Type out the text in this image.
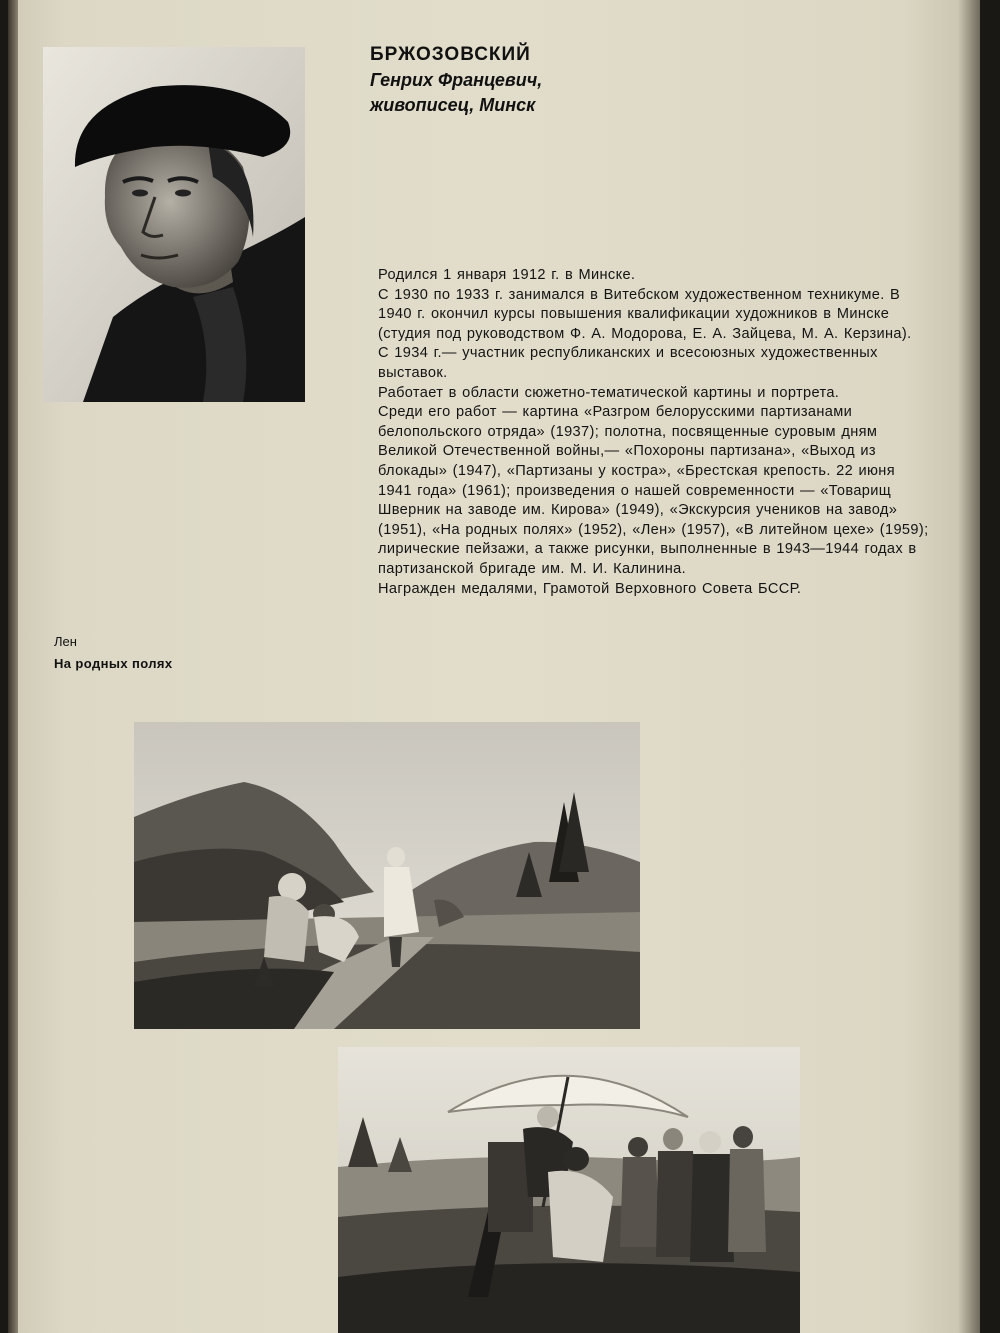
БРЖОЗОВСКИЙ
Генрих Францевич,
живописец, Минск

Родился 1 января 1912 г. в Минске.

С 1930 по 1933 г. занимался в Витебском художественном техникуме. В 1940 г. окончил курсы повышения квалификации художников в Минске (студия под руководством Ф. А. Модорова, Е. А. Зайцева, М. А. Керзина).

С 1934 г.— участник республиканских и всесоюзных художественных выставок.

Работает в области сюжетно-тематической картины и портрета.

Среди его работ — картина «Разгром белорусскими партизанами белопольского отряда» (1937); полотна, посвященные суровым дням Великой Отечественной войны,— «Похороны партизана», «Выход из блокады» (1947), «Партизаны у костра», «Брестская крепость. 22 июня 1941 года» (1961); произведения о нашей современности — «Товарищ Шверник на заводе им. Кирова» (1949), «Экскурсия учеников на завод» (1951), «На родных полях» (1952), «Лен» (1957), «В литейном цехе» (1959); лирические пейзажи, а также рисунки, выполненные в 1943—1944 годах в партизанской бригаде им. М. И. Калинина.

Награжден медалями, Грамотой Верховного Совета БССР.

Лен
На родных полях
